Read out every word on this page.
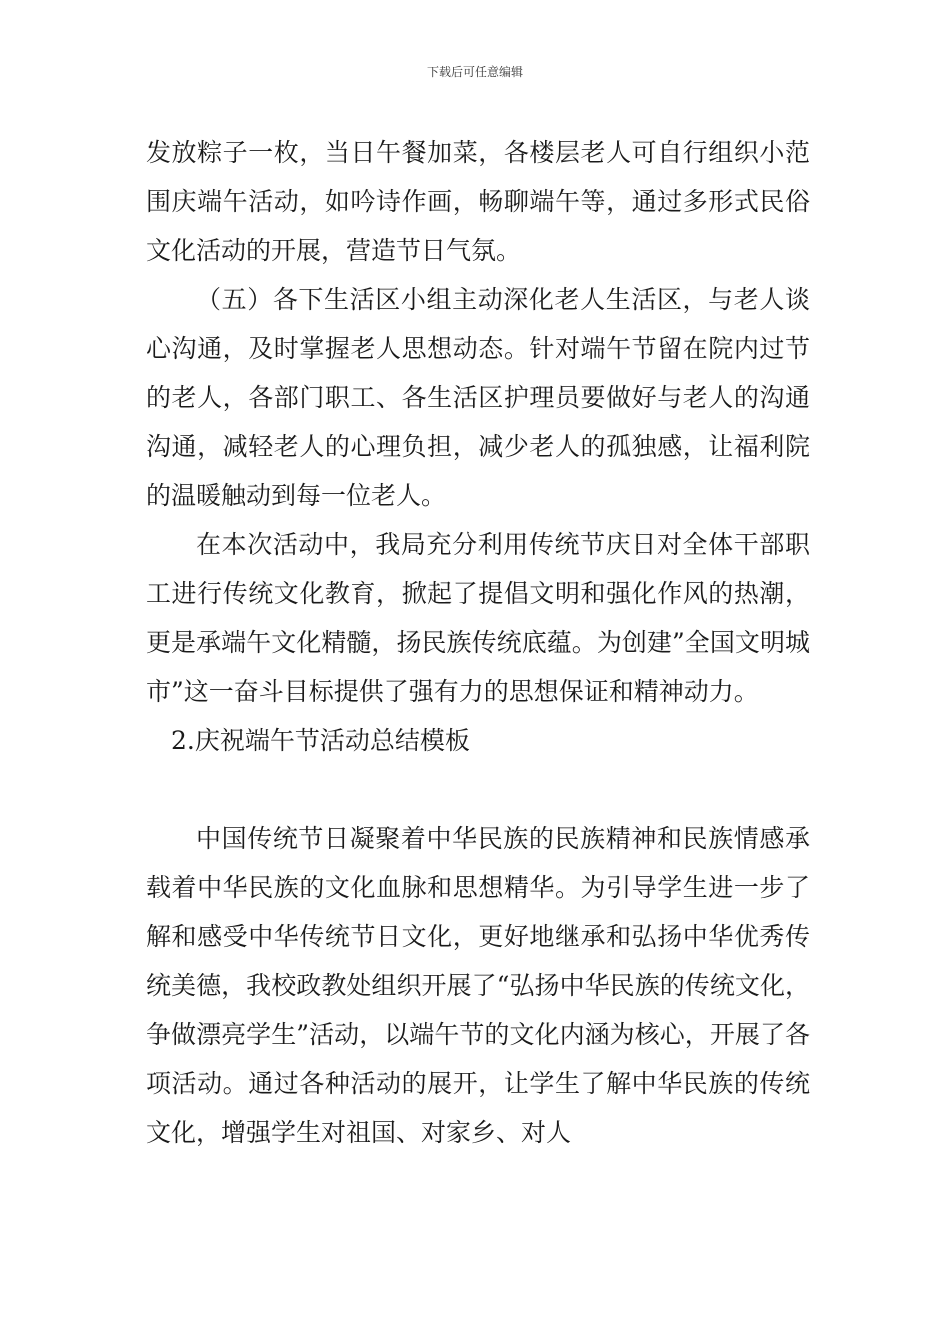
下载后可任意编辑

发放粽子一枚，当日午餐加菜，各楼层老人可自行组织小范围庆端午活动，如吟诗作画，畅聊端午等，通过多形式民俗文化活动的开展，营造节日气氛。

（五）各下生活区小组主动深化老人生活区，与老人谈心沟通，及时掌握老人思想动态。针对端午节留在院内过节的老人，各部门职工、各生活区护理员要做好与老人的沟通沟通，减轻老人的心理负担，减少老人的孤独感，让福利院的温暖触动到每一位老人。

在本次活动中，我局充分利用传统节庆日对全体干部职工进行传统文化教育，掀起了提倡文明和强化作风的热潮，更是承端午文化精髓，扬民族传统底蕴。为创建”全国文明城市”这一奋斗目标提供了强有力的思想保证和精神动力。

2.庆祝端午节活动总结模板

中国传统节日凝聚着中华民族的民族精神和民族情感承载着中华民族的文化血脉和思想精华。为引导学生进一步了解和感受中华传统节日文化，更好地继承和弘扬中华优秀传统美德，我校政教处组织开展了“弘扬中华民族的传统文化，争做漂亮学生”活动，以端午节的文化内涵为核心，开展了各项活动。通过各种活动的展开，让学生了解中华民族的传统文化，增强学生对祖国、对家乡、对人
